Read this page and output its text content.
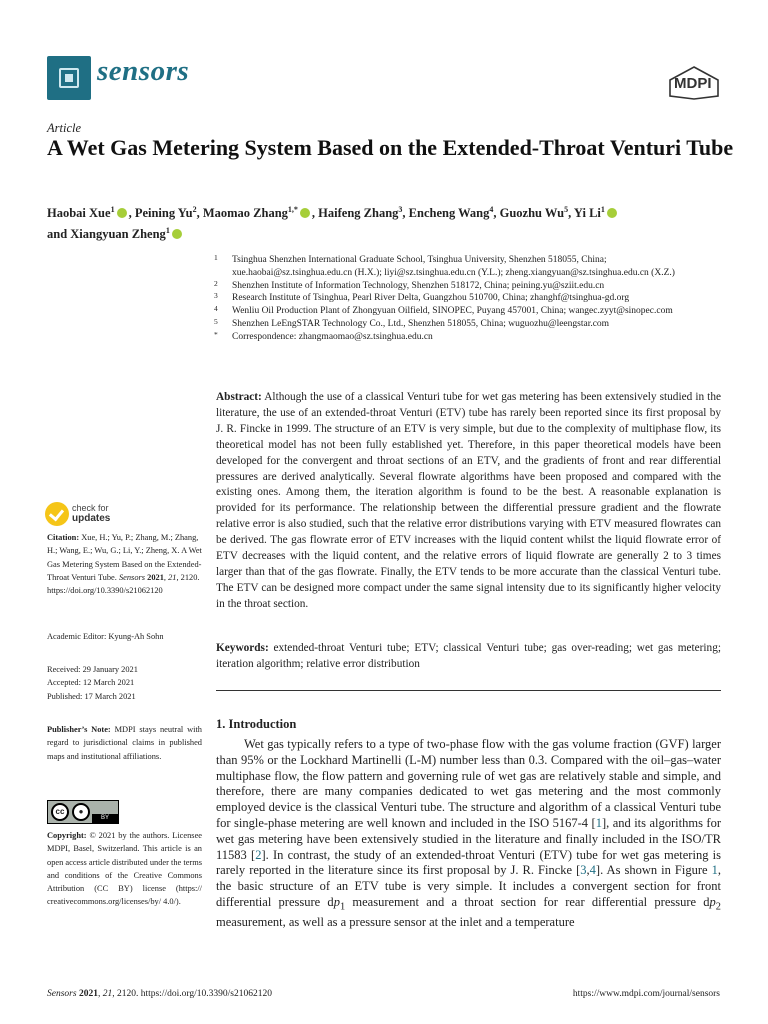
sensors	MDPI
Article
A Wet Gas Metering System Based on the Extended-Throat Venturi Tube
Haobai Xue$^1$ , Peining Yu$^2$, Maomao Zhang$^{1,*}$ , Haifeng Zhang$^3$, Encheng Wang$^4$, Guozhu Wu$^5$, Yi Li$^1$
and Xiangyuan Zheng$^1$
1 Tsinghua Shenzhen International Graduate School, Tsinghua University, Shenzhen 518055, China; xue.haobai@sz.tsinghua.edu.cn (H.X.); liyi@sz.tsinghua.edu.cn (Y.L.); zheng.xiangyuan@sz.tsinghua.edu.cn (X.Z.)
2 Shenzhen Institute of Information Technology, Shenzhen 518172, China; peining.yu@sziit.edu.cn
3 Research Institute of Tsinghua, Pearl River Delta, Guangzhou 510700, China; zhanghf@tsinghua-gd.org
4 Wenliu Oil Production Plant of Zhongyuan Oilfield, SINOPEC, Puyang 457001, China; wangec.zyyt@sinopec.com
5 Shenzhen LeEngSTAR Technology Co., Ltd., Shenzhen 518055, China; wuguozhu@leengstar.com
* Correspondence: zhangmaomao@sz.tsinghua.edu.cn
check for
updates
Citation: Xue, H.; Yu, P.; Zhang, M.; Zhang, H.; Wang, E.; Wu, G.; Li, Y.; Zheng, X. A Wet Gas Metering System Based on the Extended-Throat Venturi Tube. Sensors 2021, 21, 2120. https://doi.org/10.3390/s21062120
Academic Editor: Kyung-Ah Sohn
Received: 29 January 2021
Accepted: 12 March 2021
Published: 17 March 2021
Publisher’s Note: MDPI stays neutral with regard to jurisdictional claims in published maps and institutional affiliations.
cc	●
BY
Copyright: © 2021 by the authors. Licensee MDPI, Basel, Switzerland. This article is an open access article distributed under the terms and conditions of the Creative Commons Attribution (CC BY) license (https:// creativecommons.org/licenses/by/ 4.0/).
Abstract: Although the use of a classical Venturi tube for wet gas metering has been extensively studied in the literature, the use of an extended-throat Venturi (ETV) tube has rarely been reported since its first proposal by J. R. Fincke in 1999. The structure of an ETV is very simple, but due to the complexity of multiphase flow, its theoretical model has not been fully established yet. Therefore, in this paper theoretical models have been developed for the convergent and throat sections of an ETV, and the gradients of front and rear differential pressures are derived analytically. Several flowrate algorithms have been proposed and compared with the existing ones. Among them, the iteration algorithm is found to be the best. A reasonable explanation is provided for its performance. The relationship between the differential pressure gradient and the flowrate relative error is also studied, such that the relative error distributions varying with ETV measured flowrates can be derived. The gas flowrate error of ETV increases with the liquid content whilst the liquid flowrate error of ETV decreases with the liquid content, and the relative errors of liquid flowrate are generally 2 to 3 times larger than that of the gas flowrate. Finally, the ETV tends to be more accurate than the classical Venturi tube. The ETV can be designed more compact under the same signal intensity due to its significantly higher velocity in the throat section.
Keywords: extended-throat Venturi tube; ETV; classical Venturi tube; gas over-reading; wet gas metering; iteration algorithm; relative error distribution
1. Introduction
Wet gas typically refers to a type of two-phase flow with the gas volume fraction (GVF) larger than 95% or the Lockhard Martinelli (L-M) number less than 0.3. Compared with the oil–gas–water multiphase flow, the flow pattern and governing rule of wet gas are relatively stable and simple, and therefore, there are many companies dedicated to wet gas metering and the most commonly employed device is the classical Venturi tube. The structure and algorithm of a classical Venturi tube for single-phase metering are well known and included in the ISO 5167-4 [1], and its algorithms for wet gas metering have been extensively studied in the literature and finally included in the ISO/TR 11583 [2]. In contrast, the study of an extended-throat Venturi (ETV) tube for wet gas metering is rarely reported in the literature since its first proposal by J. R. Fincke [3,4]. As shown in Figure 1, the basic structure of an ETV tube is very simple. It includes a convergent section for front differential pressure $dp_1$ measurement and a throat section for rear differential pressure $dp_2$ measurement, as well as a pressure sensor at the inlet and a temperature
Sensors 2021, 21, 2120. https://doi.org/10.3390/s21062120	https://www.mdpi.com/journal/sensors
